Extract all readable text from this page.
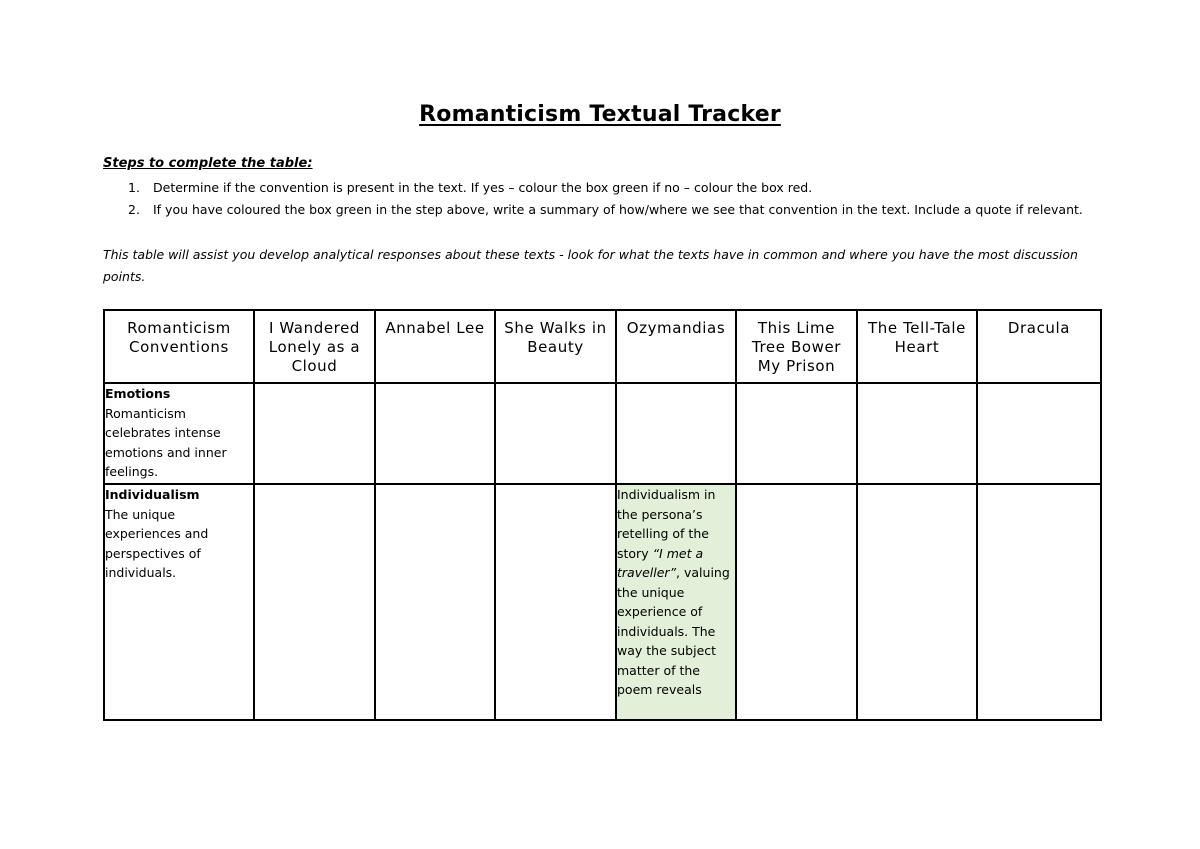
Romanticism Textual Tracker
Steps to complete the table:
1. Determine if the convention is present in the text. If yes – colour the box green if no – colour the box red.
2. If you have coloured the box green in the step above, write a summary of how/where we see that convention in the text. Include a quote if relevant.
This table will assist you develop analytical responses about these texts - look for what the texts have in common and where you have the most discussion points.
Romanticism Conventions	I Wandered Lonely as a Cloud	Annabel Lee	She Walks in Beauty	Ozymandias	This Lime Tree Bower My Prison	The Tell-Tale Heart	Dracula

Emotions
Romanticism celebrates intense emotions and inner feelings.							

Individualism
The unique experiences and perspectives of individuals.				Individualism in the persona’s retelling of the story “I met a traveller”, valuing the unique experience of individuals. The way the subject matter of the poem reveals			
